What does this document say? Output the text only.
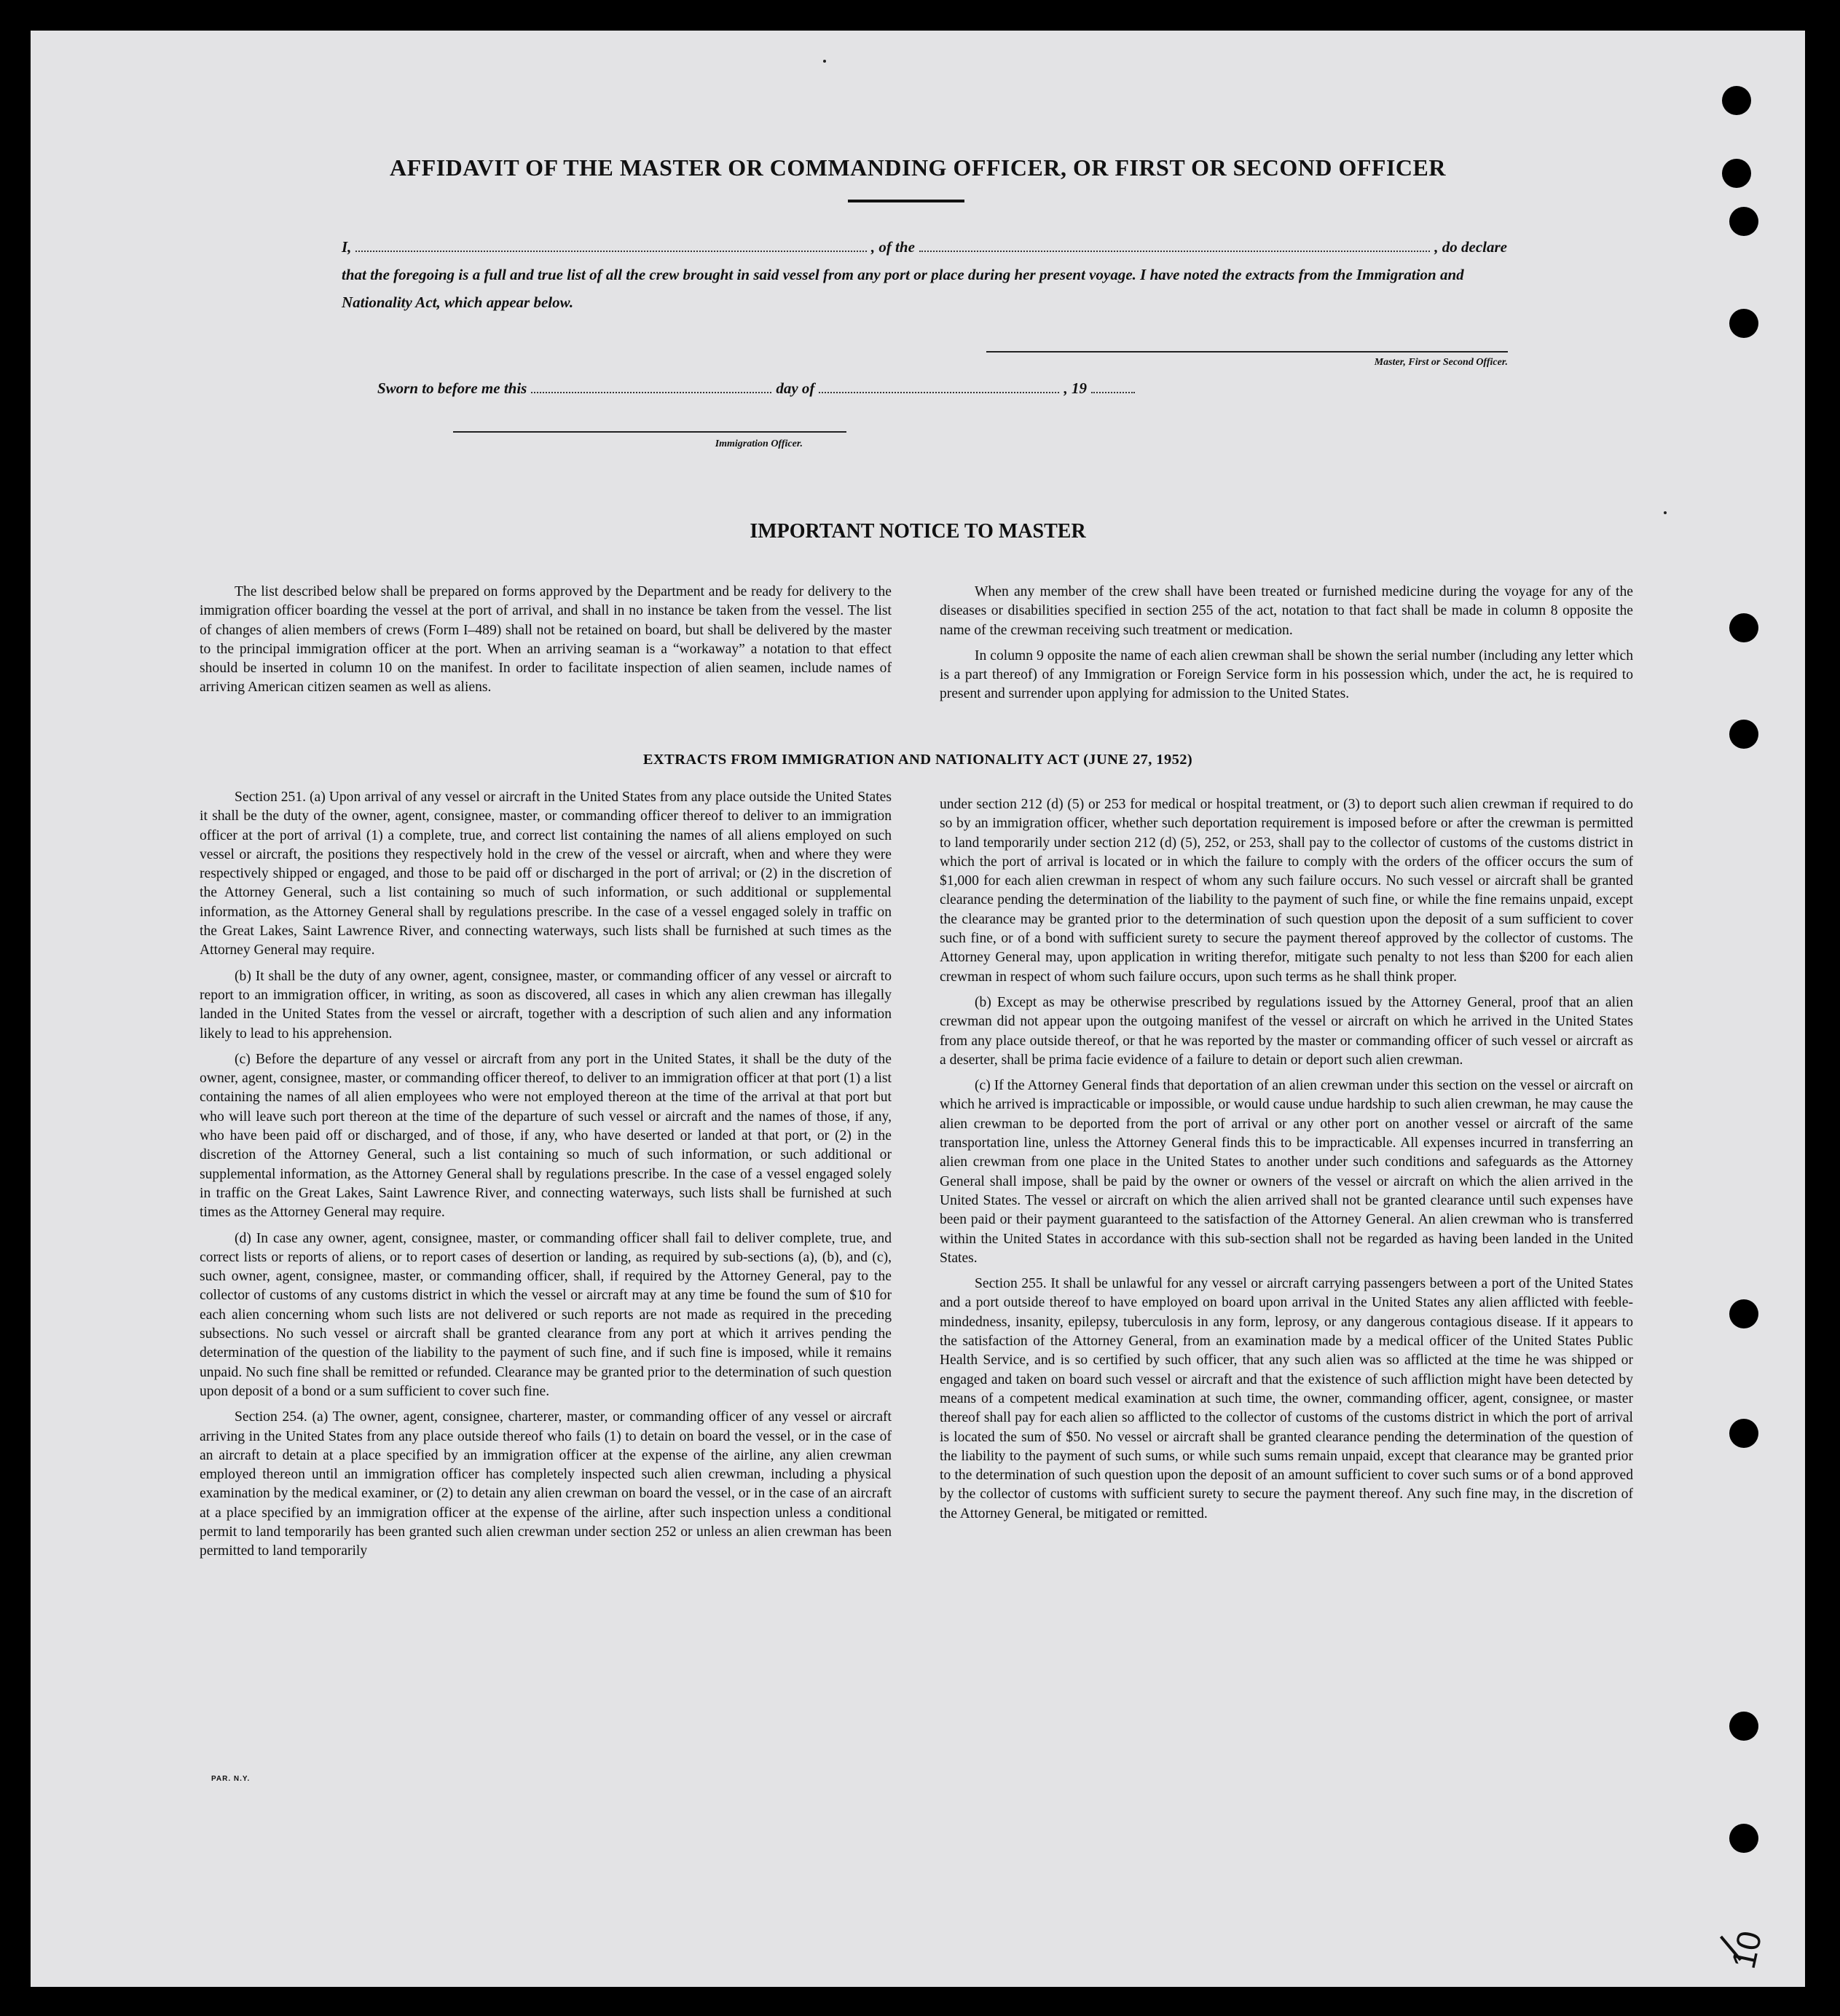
AFFIDAVIT OF THE MASTER OR COMMANDING OFFICER, OR FIRST OR SECOND OFFICER
I,	, of the	, do declare
that the foregoing is a full and true list of all the crew brought in said vessel from any port or place during her present voyage. I have noted the extracts from the Immigration and Nationality Act, which appear below.
Master, First or Second Officer.
Sworn to before me this	day of	, 19
Immigration Officer.
IMPORTANT NOTICE TO MASTER

The list described below shall be prepared on forms approved by the Department and be ready for delivery to the immigration officer boarding the vessel at the port of arrival, and shall in no instance be taken from the vessel. The list of changes of alien members of crews (Form I–489) shall not be retained on board, but shall be delivered by the master to the principal immigration officer at the port. When an arriving seaman is a “workaway” a notation to that effect should be inserted in column 10 on the manifest. In order to facilitate inspection of alien seamen, include names of arriving American citizen seamen as well as aliens.

When any member of the crew shall have been treated or furnished medicine during the voyage for any of the diseases or disabilities specified in section 255 of the act, notation to that fact shall be made in column 8 opposite the name of the crewman receiving such treatment or medication.

In column 9 opposite the name of each alien crewman shall be shown the serial number (including any letter which is a part thereof) of any Immigration or Foreign Service form in his possession which, under the act, he is required to present and surrender upon applying for admission to the United States.

EXTRACTS FROM IMMIGRATION AND NATIONALITY ACT (JUNE 27, 1952)

Section 251. (a) Upon arrival of any vessel or aircraft in the United States from any place outside the United States it shall be the duty of the owner, agent, consignee, master, or commanding officer thereof to deliver to an immigration officer at the port of arrival (1) a complete, true, and correct list containing the names of all aliens employed on such vessel or aircraft, the positions they respectively hold in the crew of the vessel or aircraft, when and where they were respectively shipped or engaged, and those to be paid off or discharged in the port of arrival; or (2) in the discretion of the Attorney General, such a list containing so much of such information, or such additional or supplemental information, as the Attorney General shall by regulations prescribe. In the case of a vessel engaged solely in traffic on the Great Lakes, Saint Lawrence River, and connecting waterways, such lists shall be furnished at such times as the Attorney General may require.

(b) It shall be the duty of any owner, agent, consignee, master, or commanding officer of any vessel or aircraft to report to an immigration officer, in writing, as soon as discovered, all cases in which any alien crewman has illegally landed in the United States from the vessel or aircraft, together with a description of such alien and any information likely to lead to his apprehension.

(c) Before the departure of any vessel or aircraft from any port in the United States, it shall be the duty of the owner, agent, consignee, master, or commanding officer thereof, to deliver to an immigration officer at that port (1) a list containing the names of all alien employees who were not employed thereon at the time of the arrival at that port but who will leave such port thereon at the time of the departure of such vessel or aircraft and the names of those, if any, who have been paid off or discharged, and of those, if any, who have deserted or landed at that port, or (2) in the discretion of the Attorney General, such a list containing so much of such information, or such additional or supplemental information, as the Attorney General shall by regulations prescribe. In the case of a vessel engaged solely in traffic on the Great Lakes, Saint Lawrence River, and connecting waterways, such lists shall be furnished at such times as the Attorney General may require.

(d) In case any owner, agent, consignee, master, or commanding officer shall fail to deliver complete, true, and correct lists or reports of aliens, or to report cases of desertion or landing, as required by sub-sections (a), (b), and (c), such owner, agent, consignee, master, or commanding officer, shall, if required by the Attorney General, pay to the collector of customs of any customs district in which the vessel or aircraft may at any time be found the sum of $10 for each alien concerning whom such lists are not delivered or such reports are not made as required in the preceding subsections. No such vessel or aircraft shall be granted clearance from any port at which it arrives pending the determination of the question of the liability to the payment of such fine, and if such fine is imposed, while it remains unpaid. No such fine shall be remitted or refunded. Clearance may be granted prior to the determination of such question upon deposit of a bond or a sum sufficient to cover such fine.

Section 254. (a) The owner, agent, consignee, charterer, master, or commanding officer of any vessel or aircraft arriving in the United States from any place outside thereof who fails (1) to detain on board the vessel, or in the case of an aircraft to detain at a place specified by an immigration officer at the expense of the airline, any alien crewman employed thereon until an immigration officer has completely inspected such alien crewman, including a physical examination by the medical examiner, or (2) to detain any alien crewman on board the vessel, or in the case of an aircraft at a place specified by an immigration officer at the expense of the airline, after such inspection unless a conditional permit to land temporarily has been granted such alien crewman under section 252 or unless an alien crewman has been permitted to land temporarily

under section 212 (d) (5) or 253 for medical or hospital treatment, or (3) to deport such alien crewman if required to do so by an immigration officer, whether such deportation requirement is imposed before or after the crewman is permitted to land temporarily under section 212 (d) (5), 252, or 253, shall pay to the collector of customs of the customs district in which the port of arrival is located or in which the failure to comply with the orders of the officer occurs the sum of $1,000 for each alien crewman in respect of whom any such failure occurs. No such vessel or aircraft shall be granted clearance pending the determination of the liability to the payment of such fine, or while the fine remains unpaid, except the clearance may be granted prior to the determination of such question upon the deposit of a sum sufficient to cover such fine, or of a bond with sufficient surety to secure the payment thereof approved by the collector of customs. The Attorney General may, upon application in writing therefor, mitigate such penalty to not less than $200 for each alien crewman in respect of whom such failure occurs, upon such terms as he shall think proper.

(b) Except as may be otherwise prescribed by regulations issued by the Attorney General, proof that an alien crewman did not appear upon the outgoing manifest of the vessel or aircraft on which he arrived in the United States from any place outside thereof, or that he was reported by the master or commanding officer of such vessel or aircraft as a deserter, shall be prima facie evidence of a failure to detain or deport such alien crewman.

(c) If the Attorney General finds that deportation of an alien crewman under this section on the vessel or aircraft on which he arrived is impracticable or impossible, or would cause undue hardship to such alien crewman, he may cause the alien crewman to be deported from the port of arrival or any other port on another vessel or aircraft of the same transportation line, unless the Attorney General finds this to be impracticable. All expenses incurred in transferring an alien crewman from one place in the United States to another under such conditions and safeguards as the Attorney General shall impose, shall be paid by the owner or owners of the vessel or aircraft on which the alien arrived in the United States. The vessel or aircraft on which the alien arrived shall not be granted clearance until such expenses have been paid or their payment guaranteed to the satisfaction of the Attorney General. An alien crewman who is transferred within the United States in accordance with this sub-section shall not be regarded as having been landed in the United States.

Section 255. It shall be unlawful for any vessel or aircraft carrying passengers between a port of the United States and a port outside thereof to have employed on board upon arrival in the United States any alien afflicted with feeble-mindedness, insanity, epilepsy, tuberculosis in any form, leprosy, or any dangerous contagious disease. If it appears to the satisfaction of the Attorney General, from an examination made by a medical officer of the United States Public Health Service, and is so certified by such officer, that any such alien was so afflicted at the time he was shipped or engaged and taken on board such vessel or aircraft and that the existence of such affliction might have been detected by means of a competent medical examination at such time, the owner, commanding officer, agent, consignee, or master thereof shall pay for each alien so afflicted to the collector of customs of the customs district in which the port of arrival is located the sum of $50. No vessel or aircraft shall be granted clearance pending the determination of the question of the liability to the payment of such sums, or while such sums remain unpaid, except that clearance may be granted prior to the determination of such question upon the deposit of an amount sufficient to cover such sums or of a bond approved by the collector of customs with sufficient surety to secure the payment thereof. Any such fine may, in the discretion of the Attorney General, be mitigated or remitted.

PAR. N.Y.
10
